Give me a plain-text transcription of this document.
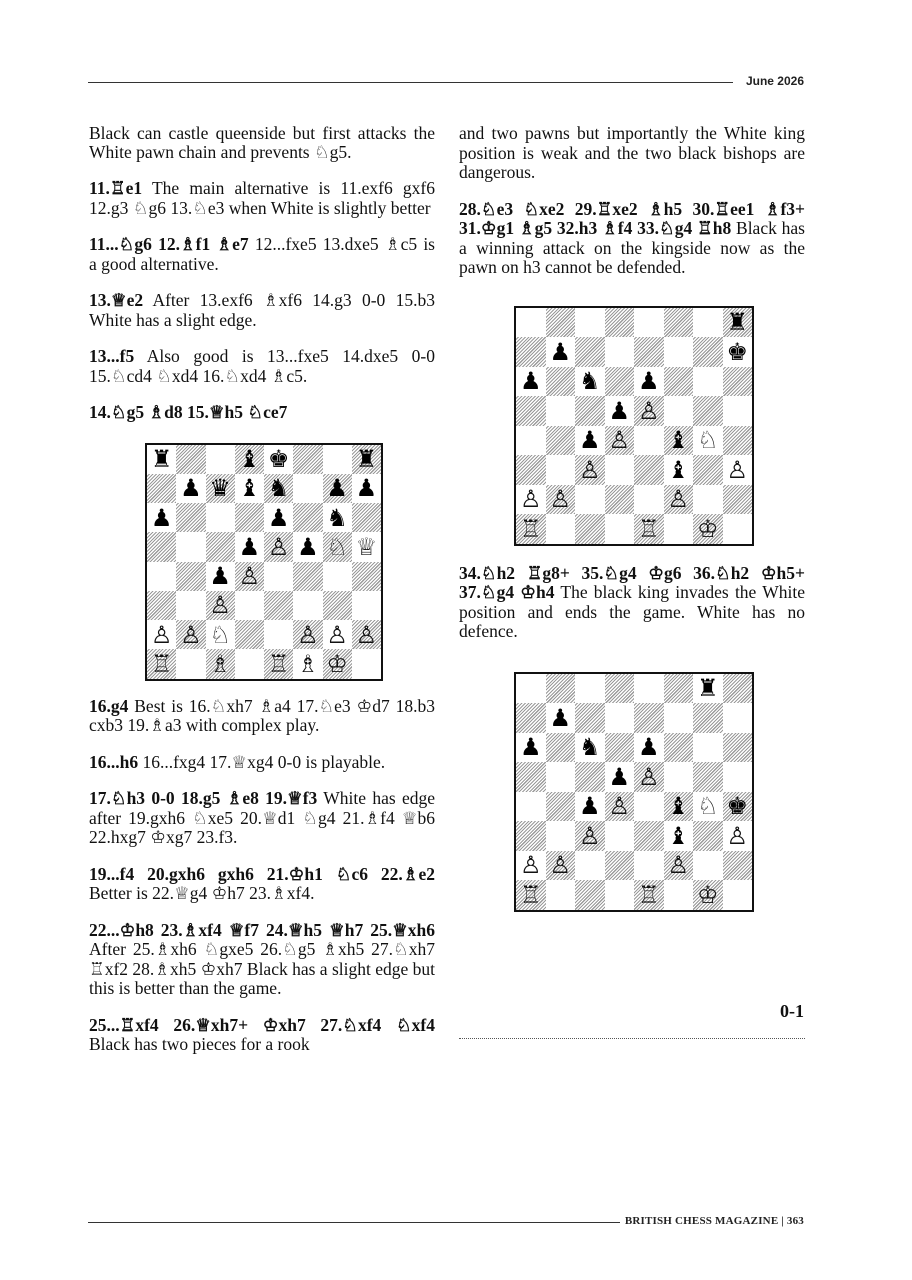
June 2026

Black can castle queenside but first attacks the White pawn chain and prevents ♘g5.

11.♖e1 The main alternative is 11.exf6 gxf6 12.g3 ♘g6 13.♘e3 when White is slightly better

11...♘g6 12.♗f1 ♗e7 12...fxe5 13.dxe5 ♗c5 is a good alternative.

13.♕e2 After 13.exf6 ♗xf6 14.g3 0-0 15.b3 White has a slight edge.

13...f5 Also good is 13...fxe5 14.dxe5 0-0 15.♘cd4 ♘xd4 16.♘xd4 ♗c5.

14.♘g5 ♗d8 15.♕h5 ♘ce7

♜	♝ ♚	♜
♟ ♛ ♝ ♞ ♟ ♟
♟	♟ ♞
♟ ♙ ♟ ♘ ♕
♟ ♙
♙
♙ ♙ ♘	♙ ♙ ♙
♖ ♗ ♖ ♗ ♔

16.g4 Best is 16.♘xh7 ♗a4 17.♘e3 ♔d7 18.b3 cxb3 19.♗a3 with complex play.

16...h6 16...fxg4 17.♕xg4 0-0 is playable.

17.♘h3 0-0 18.g5 ♗e8 19.♕f3 White has edge after 19.gxh6 ♘xe5 20.♕d1 ♘g4 21.♗f4 ♕b6 22.hxg7 ♔xg7 23.f3.

19...f4 20.gxh6 gxh6 21.♔h1 ♘c6 22.♗e2 Better is 22.♕g4 ♔h7 23.♗xf4.

22...♔h8 23.♗xf4 ♕f7 24.♕h5 ♕h7 25.♕xh6 After 25.♗xh6 ♘gxe5 26.♘g5 ♗xh5 27.♘xh7 ♖xf2 28.♗xh5 ♔xh7 Black has a slight edge but this is better than the game.

25...♖xf4 26.♕xh7+ ♔xh7 27.♘xf4 ♘xf4 Black has two pieces for a rook

and two pawns but importantly the White king position is weak and the two black bishops are dangerous.

28.♘e3 ♘xe2 29.♖xe2 ♗h5 30.♖ee1 ♗f3+ 31.♔g1 ♗g5 32.h3 ♗f4 33.♘g4 ♖h8 Black has a winning attack on the kingside now as the pawn on h3 cannot be defended.

♜
♟	♚
♟ ♞ ♟
♟ ♙
♟ ♙ ♝ ♘
♙	♝ ♙
♙ ♙	♙
♖	♖ ♔

34.♘h2 ♖g8+ 35.♘g4 ♔g6 36.♘h2 ♔h5+ 37.♘g4 ♔h4 The black king invades the White position and ends the game. White has no defence.

♜
♟
♟ ♞ ♟
♟ ♙
♟ ♙ ♝ ♘ ♚
♙	♝ ♙
♙ ♙	♙
♖	♖ ♔
0-1
BRITISH CHESS MAGAZINE | 363
